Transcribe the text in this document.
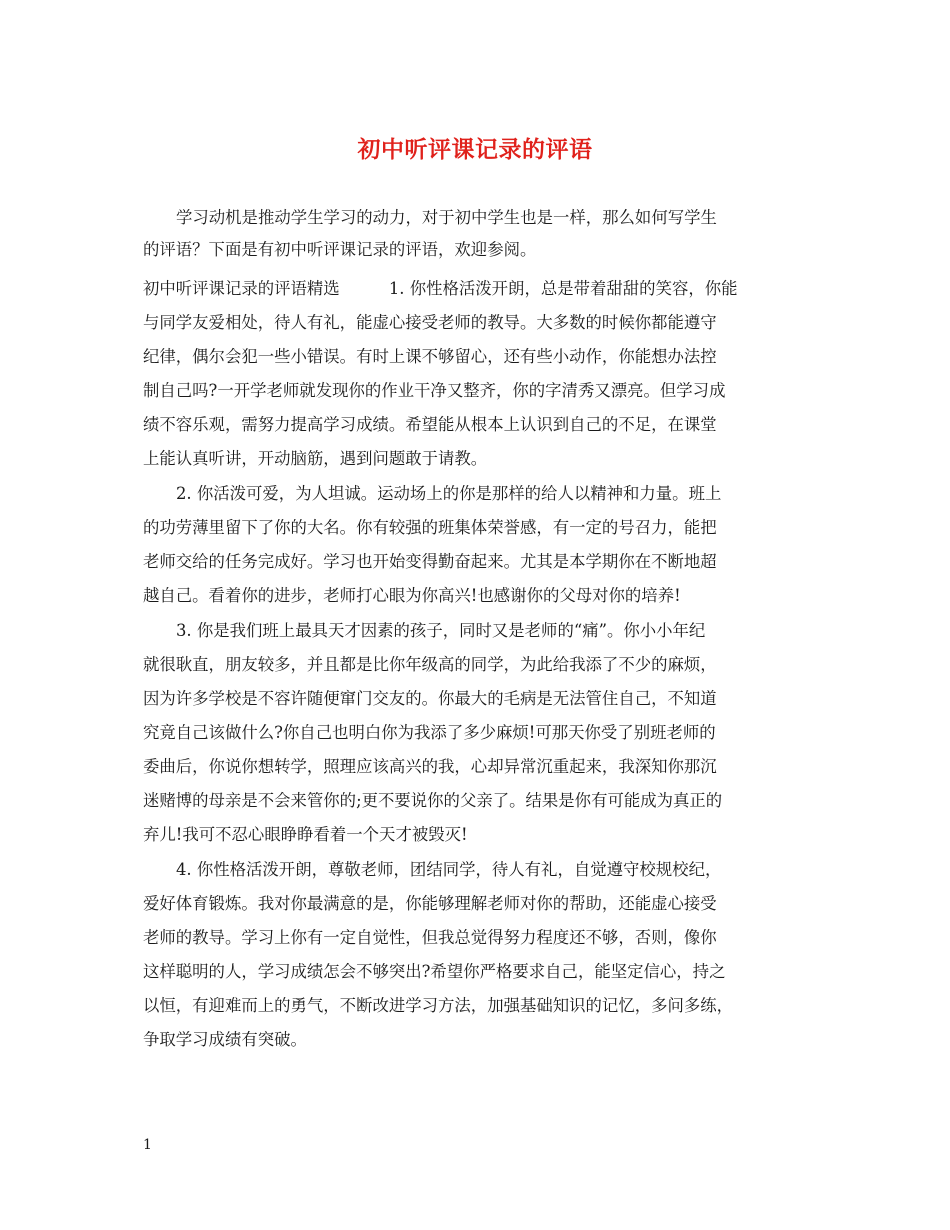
初中听评课记录的评语

学习动机是推动学生学习的动力，对于初中学生也是一样，那么如何写学生

的评语？下面是有初中听评课记录的评语，欢迎参阅。

初中听评课记录的评语精选　　　1. 你性格活泼开朗，总是带着甜甜的笑容，你能

与同学友爱相处，待人有礼，能虚心接受老师的教导。大多数的时候你都能遵守

纪律，偶尔会犯一些小错误。有时上课不够留心，还有些小动作，你能想办法控

制自己吗?一开学老师就发现你的作业干净又整齐，你的字清秀又漂亮。但学习成

绩不容乐观，需努力提高学习成绩。希望能从根本上认识到自己的不足，在课堂

上能认真听讲，开动脑筋，遇到问题敢于请教。

2. 你活泼可爱，为人坦诚。运动场上的你是那样的给人以精神和力量。班上

的功劳薄里留下了你的大名。你有较强的班集体荣誉感，有一定的号召力，能把

老师交给的任务完成好。学习也开始变得勤奋起来。尤其是本学期你在不断地超

越自己。看着你的进步，老师打心眼为你高兴!也感谢你的父母对你的培养!

3. 你是我们班上最具天才因素的孩子，同时又是老师的“痛”。你小小年纪

就很耿直，朋友较多，并且都是比你年级高的同学，为此给我添了不少的麻烦，

因为许多学校是不容许随便窜门交友的。你最大的毛病是无法管住自己，不知道

究竟自己该做什么?你自己也明白你为我添了多少麻烦!可那天你受了别班老师的

委曲后，你说你想转学，照理应该高兴的我，心却异常沉重起来，我深知你那沉

迷赌博的母亲是不会来管你的;更不要说你的父亲了。结果是你有可能成为真正的

弃儿!我可不忍心眼睁睁看着一个天才被毁灭!

4. 你性格活泼开朗，尊敬老师，团结同学，待人有礼，自觉遵守校规校纪，

爱好体育锻炼。我对你最满意的是，你能够理解老师对你的帮助，还能虚心接受

老师的教导。学习上你有一定自觉性，但我总觉得努力程度还不够，否则，像你

这样聪明的人，学习成绩怎会不够突出?希望你严格要求自己，能坚定信心，持之

以恒，有迎难而上的勇气，不断改进学习方法，加强基础知识的记忆，多问多练，

争取学习成绩有突破。

1
